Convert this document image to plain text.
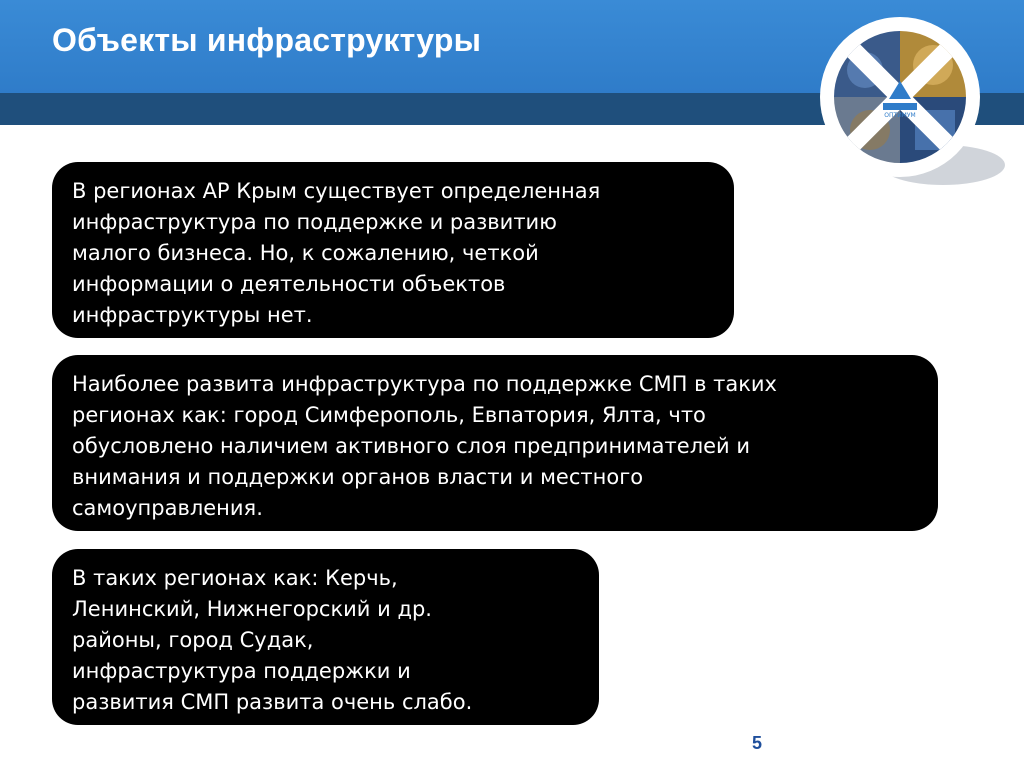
Объекты инфраструктуры
ОПТИМУМ
В регионах АР Крым существует определенная
инфраструктура по поддержке и развитию
малого бизнеса. Но, к сожалению, четкой
информации о деятельности объектов
инфраструктуры нет.
Наиболее развита инфраструктура по поддержке СМП в таких
регионах как: город Симферополь, Евпатория, Ялта, что
обусловлено наличием активного слоя предпринимателей и
внимания и поддержки органов власти и местного
самоуправления.
В таких регионах как: Керчь,
Ленинский, Нижнегорский и др.
районы, город Судак,
инфраструктура поддержки и
развития СМП развита очень слабо.
5
